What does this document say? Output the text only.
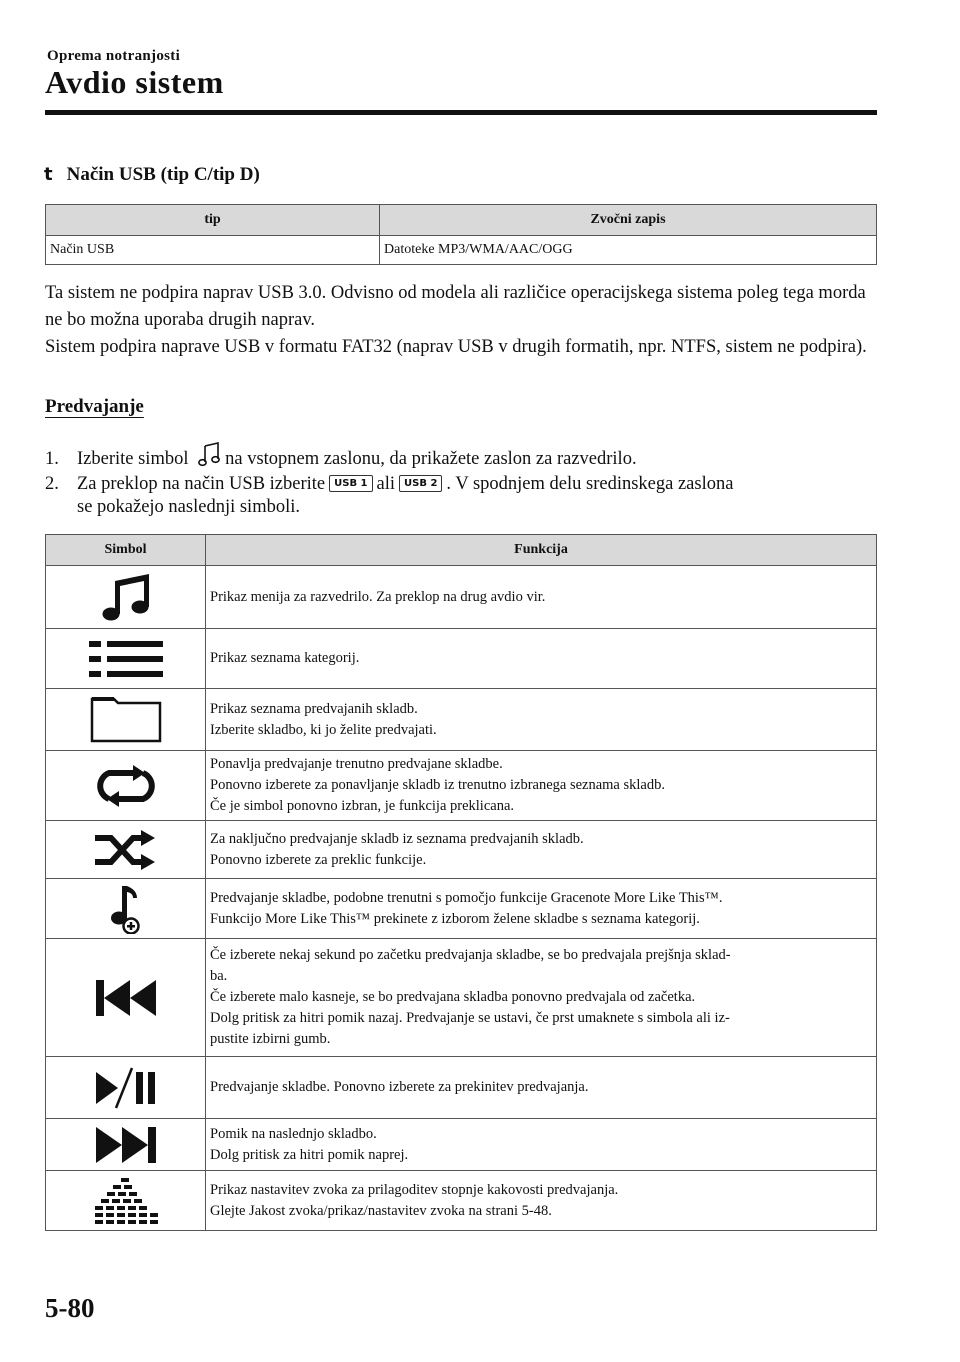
Oprema notranjosti
Avdio sistem
t Način USB (tip C/tip D)
tip	Zvočni zapis
Način USB	Datoteke MP3/WMA/AAC/OGG
Ta sistem ne podpira naprav USB 3.0. Odvisno od modela ali različice operacijskega sistema poleg tega morda ne bo možna uporaba drugih naprav.
Sistem podpira naprave USB v formatu FAT32 (naprav USB v drugih formatih, npr. NTFS, sistem ne podpira).
Predvajanje
1. Izberite simbol na vstopnem zaslonu, da prikažete zaslon za razvedrilo.
2. Za preklop na način USB izberite USB 1 ali USB 2 . V spodnjem delu sredinskega zaslona
se pokažejo naslednji simboli.
Simbol	Funkcija

Prikaz menija za razvedrilo. Za preklop na drug avdio vir.

Prikaz seznama kategorij.

Prikaz seznama predvajanih skladb.
Izberite skladbo, ki jo želite predvajati.

Ponavlja predvajanje trenutno predvajane skladbe.
Ponovno izberete za ponavljanje skladb iz trenutno izbranega seznama skladb.
Če je simbol ponovno izbran, je funkcija preklicana.

Za naključno predvajanje skladb iz seznama predvajanih skladb.
Ponovno izberete za preklic funkcije.

Predvajanje skladbe, podobne trenutni s pomočjo funkcije Gracenote More Like This™.
Funkcijo More Like This™ prekinete z izborom želene skladbe s seznama kategorij.

Če izberete nekaj sekund po začetku predvajanja skladbe, se bo predvajala prejšnja sklad-
ba.
Če izberete malo kasneje, se bo predvajana skladba ponovno predvajala od začetka.
Dolg pritisk za hitri pomik nazaj. Predvajanje se ustavi, če prst umaknete s simbola ali iz-
pustite izbirni gumb.

Predvajanje skladbe. Ponovno izberete za prekinitev predvajanja.

Pomik na naslednjo skladbo.
Dolg pritisk za hitri pomik naprej.

Prikaz nastavitev zvoka za prilagoditev stopnje kakovosti predvajanja.
Glejte Jakost zvoka/prikaz/nastavitev zvoka na strani 5-48.
5-80
